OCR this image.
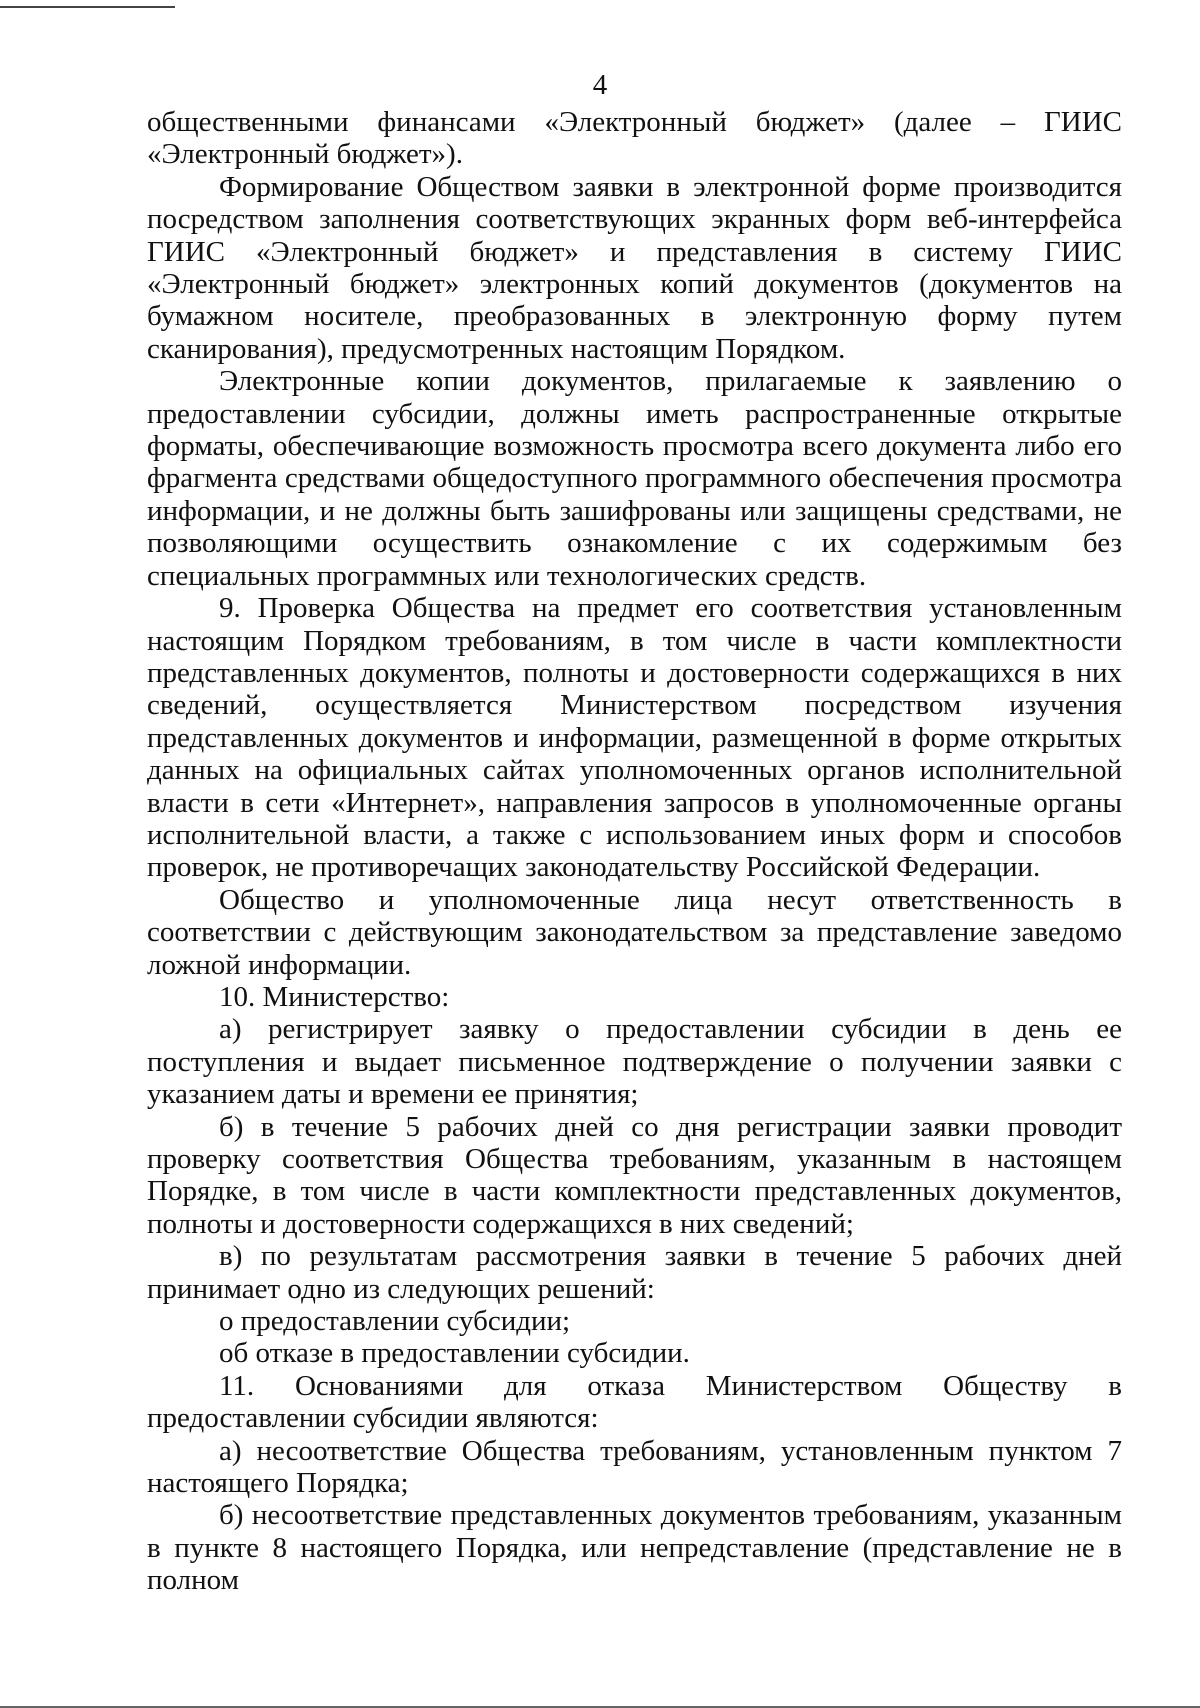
4

общественными финансами «Электронный бюджет» (далее – ГИИС «Электронный бюджет»).

Формирование Обществом заявки в электронной форме производится посредством заполнения соответствующих экранных форм веб-интерфейса ГИИС «Электронный бюджет» и представления в систему ГИИС «Электронный бюджет» электронных копий документов (документов на бумажном носителе, преобразованных в электронную форму путем сканирования), предусмотренных настоящим Порядком.

Электронные копии документов, прилагаемые к заявлению о предоставлении субсидии, должны иметь распространенные открытые форматы, обеспечивающие возможность просмотра всего документа либо его фрагмента средствами общедоступного программного обеспечения просмотра информации, и не должны быть зашифрованы или защищены средствами, не позволяющими осуществить ознакомление с их содержимым без специальных программных или технологических средств.

9. Проверка Общества на предмет его соответствия установленным настоящим Порядком требованиям, в том числе в части комплектности представленных документов, полноты и достоверности содержащихся в них сведений, осуществляется Министерством посредством изучения представленных документов и информации, размещенной в форме открытых данных на официальных сайтах уполномоченных органов исполнительной власти в сети «Интернет», направления запросов в уполномоченные органы исполнительной власти, а также с использованием иных форм и способов проверок, не противоречащих законодательству Российской Федерации.

Общество и уполномоченные лица несут ответственность в соответствии с действующим законодательством за представление заведомо ложной информации.

10. Министерство:

а) регистрирует заявку о предоставлении субсидии в день ее поступления и выдает письменное подтверждение о получении заявки с указанием даты и времени ее принятия;

б) в течение 5 рабочих дней со дня регистрации заявки проводит проверку соответствия Общества требованиям, указанным в настоящем Порядке, в том числе в части комплектности представленных документов, полноты и достоверности содержащихся в них сведений;

в) по результатам рассмотрения заявки в течение 5 рабочих дней принимает одно из следующих решений:

о предоставлении субсидии;

об отказе в предоставлении субсидии.

11. Основаниями для отказа Министерством Обществу в предоставлении субсидии являются:

а) несоответствие Общества требованиям, установленным пунктом 7 настоящего Порядка;

б) несоответствие представленных документов требованиям, указанным в пункте 8 настоящего Порядка, или непредставление (представление не в полном
